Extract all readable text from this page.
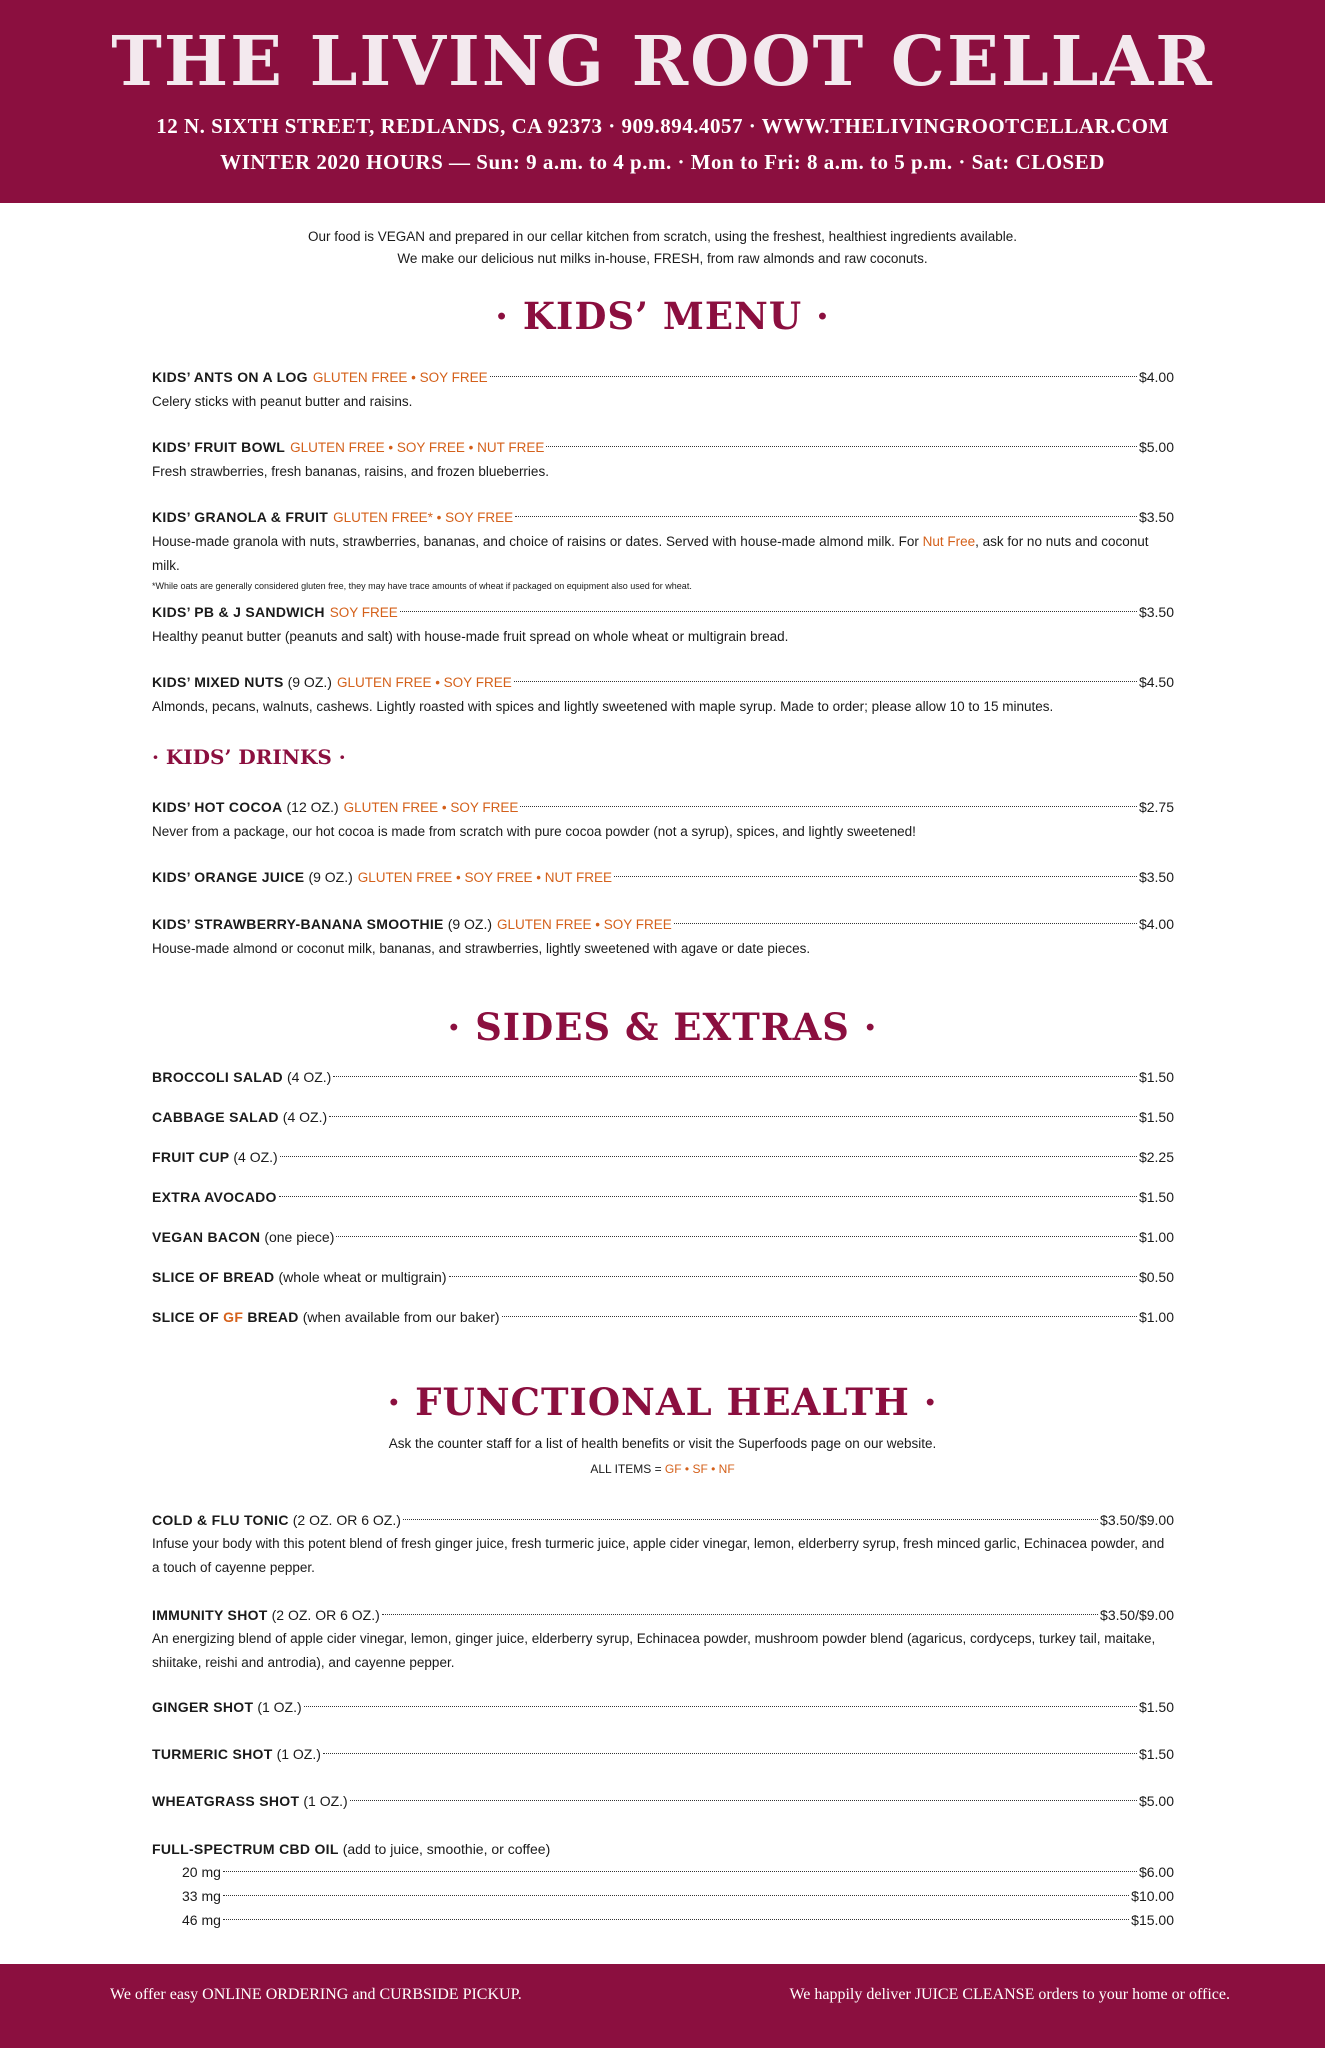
THE LIVING ROOT CELLAR
12 N. SIXTH STREET, REDLANDS, CA 92373 · 909.894.4057 · WWW.THELIVINGROOTCELLAR.COM
WINTER 2020 HOURS — Sun: 9 a.m. to 4 p.m. · Mon to Fri: 8 a.m. to 5 p.m. · Sat: CLOSED
Our food is VEGAN and prepared in our cellar kitchen from scratch, using the freshest, healthiest ingredients available.
We make our delicious nut milks in-house, FRESH, from raw almonds and raw coconuts.
· KIDS’ MENU ·
KIDS’ ANTS ON A LOG GLUTEN FREE • SOY FREE	$4.00
Celery sticks with peanut butter and raisins.
KIDS’ FRUIT BOWL GLUTEN FREE • SOY FREE • NUT FREE	$5.00
Fresh strawberries, fresh bananas, raisins, and frozen blueberries.
KIDS’ GRANOLA & FRUIT GLUTEN FREE* • SOY FREE	$3.50
House-made granola with nuts, strawberries, bananas, and choice of raisins or dates. Served with house-made almond milk. For Nut Free, ask for no nuts and coconut milk.
*While oats are generally considered gluten free, they may have trace amounts of wheat if packaged on equipment also used for wheat.
KIDS’ PB & J SANDWICH SOY FREE	$3.50
Healthy peanut butter (peanuts and salt) with house-made fruit spread on whole wheat or multigrain bread.
KIDS’ MIXED NUTS (9 OZ.) GLUTEN FREE • SOY FREE	$4.50
Almonds, pecans, walnuts, cashews. Lightly roasted with spices and lightly sweetened with maple syrup. Made to order; please allow 10 to 15 minutes.
· KIDS’ DRINKS ·
KIDS’ HOT COCOA (12 OZ.) GLUTEN FREE • SOY FREE	$2.75
Never from a package, our hot cocoa is made from scratch with pure cocoa powder (not a syrup), spices, and lightly sweetened!
KIDS’ ORANGE JUICE (9 OZ.) GLUTEN FREE • SOY FREE • NUT FREE	$3.50
KIDS’ STRAWBERRY-BANANA SMOOTHIE (9 OZ.) GLUTEN FREE • SOY FREE	$4.00
House-made almond or coconut milk, bananas, and strawberries, lightly sweetened with agave or date pieces.
· SIDES & EXTRAS ·
BROCCOLI SALAD (4 OZ.)	$1.50
CABBAGE SALAD (4 OZ.)	$1.50
FRUIT CUP (4 OZ.)	$2.25
EXTRA AVOCADO	$1.50
VEGAN BACON (one piece)	$1.00
SLICE OF BREAD (whole wheat or multigrain)	$0.50
SLICE OF GF BREAD (when available from our baker)	$1.00
· FUNCTIONAL HEALTH ·
Ask the counter staff for a list of health benefits or visit the Superfoods page on our website.
ALL ITEMS = GF • SF • NF
COLD & FLU TONIC (2 OZ. OR 6 OZ.)	$3.50/$9.00
Infuse your body with this potent blend of fresh ginger juice, fresh turmeric juice, apple cider vinegar, lemon, elderberry syrup, fresh minced garlic, Echinacea powder, and a touch of cayenne pepper.
IMMUNITY SHOT (2 OZ. OR 6 OZ.)	$3.50/$9.00
An energizing blend of apple cider vinegar, lemon, ginger juice, elderberry syrup, Echinacea powder, mushroom powder blend (agaricus, cordyceps, turkey tail, maitake, shiitake, reishi and antrodia), and cayenne pepper.
GINGER SHOT (1 OZ.)	$1.50
TURMERIC SHOT (1 OZ.)	$1.50
WHEATGRASS SHOT (1 OZ.)	$5.00
FULL-SPECTRUM CBD OIL (add to juice, smoothie, or coffee)
20 mg	$6.00
33 mg	$10.00
46 mg	$15.00
We offer easy ONLINE ORDERING and CURBSIDE PICKUP.	We happily deliver JUICE CLEANSE orders to your home or office.
